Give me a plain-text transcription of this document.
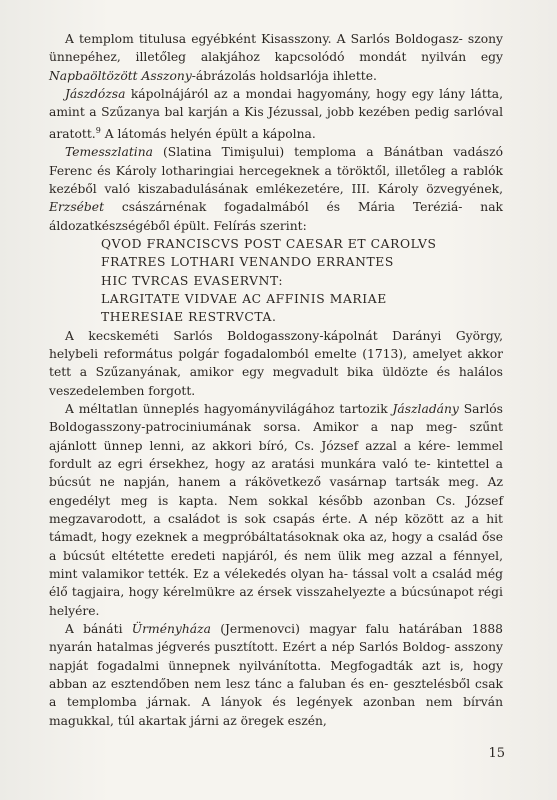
A templom titulusa egyébként Kisasszony. A Sarlós Boldogasz- szony ünnepéhez, illetőleg alakjához kapcsolódó mondát nyilván egy Napbaöltözött Asszony-ábrázolás holdsarlója ihlette.

Jászdózsa kápolnájáról az a mondai hagyomány, hogy egy lány látta, amint a Szűzanya bal karján a Kis Jézussal, jobb kezében pedig sarlóval aratott.$^9$ A látomás helyén épült a kápolna.

Temesszlatina (Slatina Timişului) temploma a Bánátban vadászó Ferenc és Károly lotharingiai hercegeknek a töröktől, illetőleg a rablók kezéből való kiszabadulásának emlékezetére, III. Károly özvegyének, Erzsébet császárnénak fogadalmából és Mária Teréziá- nak áldozatkészségéből épült. Felírás szerint:

QVOD FRANCISCVS POST CAESAR ET CAROLVS
FRATRES LOTHARI VENANDO ERRANTES
HIC TVRCAS EVASERVNT:
LARGITATE VIDVAE AC AFFINIS MARIAE
THERESIAE RESTRVCTA.

A kecskeméti Sarlós Boldogasszony-kápolnát Darányi György, helybeli református polgár fogadalomból emelte (1713), amelyet akkor tett a Szűzanyának, amikor egy megvadult bika üldözte és halálos veszedelemben forgott.

A méltatlan ünneplés hagyományvilágához tartozik Jászladány Sarlós Boldogasszony-patrociniumának sorsa. Amikor a nap meg- szűnt ajánlott ünnep lenni, az akkori bíró, Cs. József azzal a kére- lemmel fordult az egri érsekhez, hogy az aratási munkára való te- kintettel a búcsút ne napján, hanem a rákövetkező vasárnap tartsák meg. Az engedélyt meg is kapta. Nem sokkal később azonban Cs. József megzavarodott, a családot is sok csapás érte. A nép között az a hit támadt, hogy ezeknek a megpróbáltatásoknak oka az, hogy a család őse a búcsút eltétette eredeti napjáról, és nem ülik meg azzal a fénnyel, mint valamikor tették. Ez a vélekedés olyan ha- tással volt a család még élő tagjaira, hogy kérelmükre az érsek visszahelyezte a búcsúnapot régi helyére.

A bánáti Ürményháza (Jermenovci) magyar falu határában 1888 nyarán hatalmas jégverés pusztított. Ezért a nép Sarlós Boldog- asszony napját fogadalmi ünnepnek nyilvánította. Megfogadták azt is, hogy abban az esztendőben nem lesz tánc a faluban és en- gesztelésből csak a templomba járnak. A lányok és legények azonban nem bírván magukkal, túl akartak járni az öregek eszén,

15
